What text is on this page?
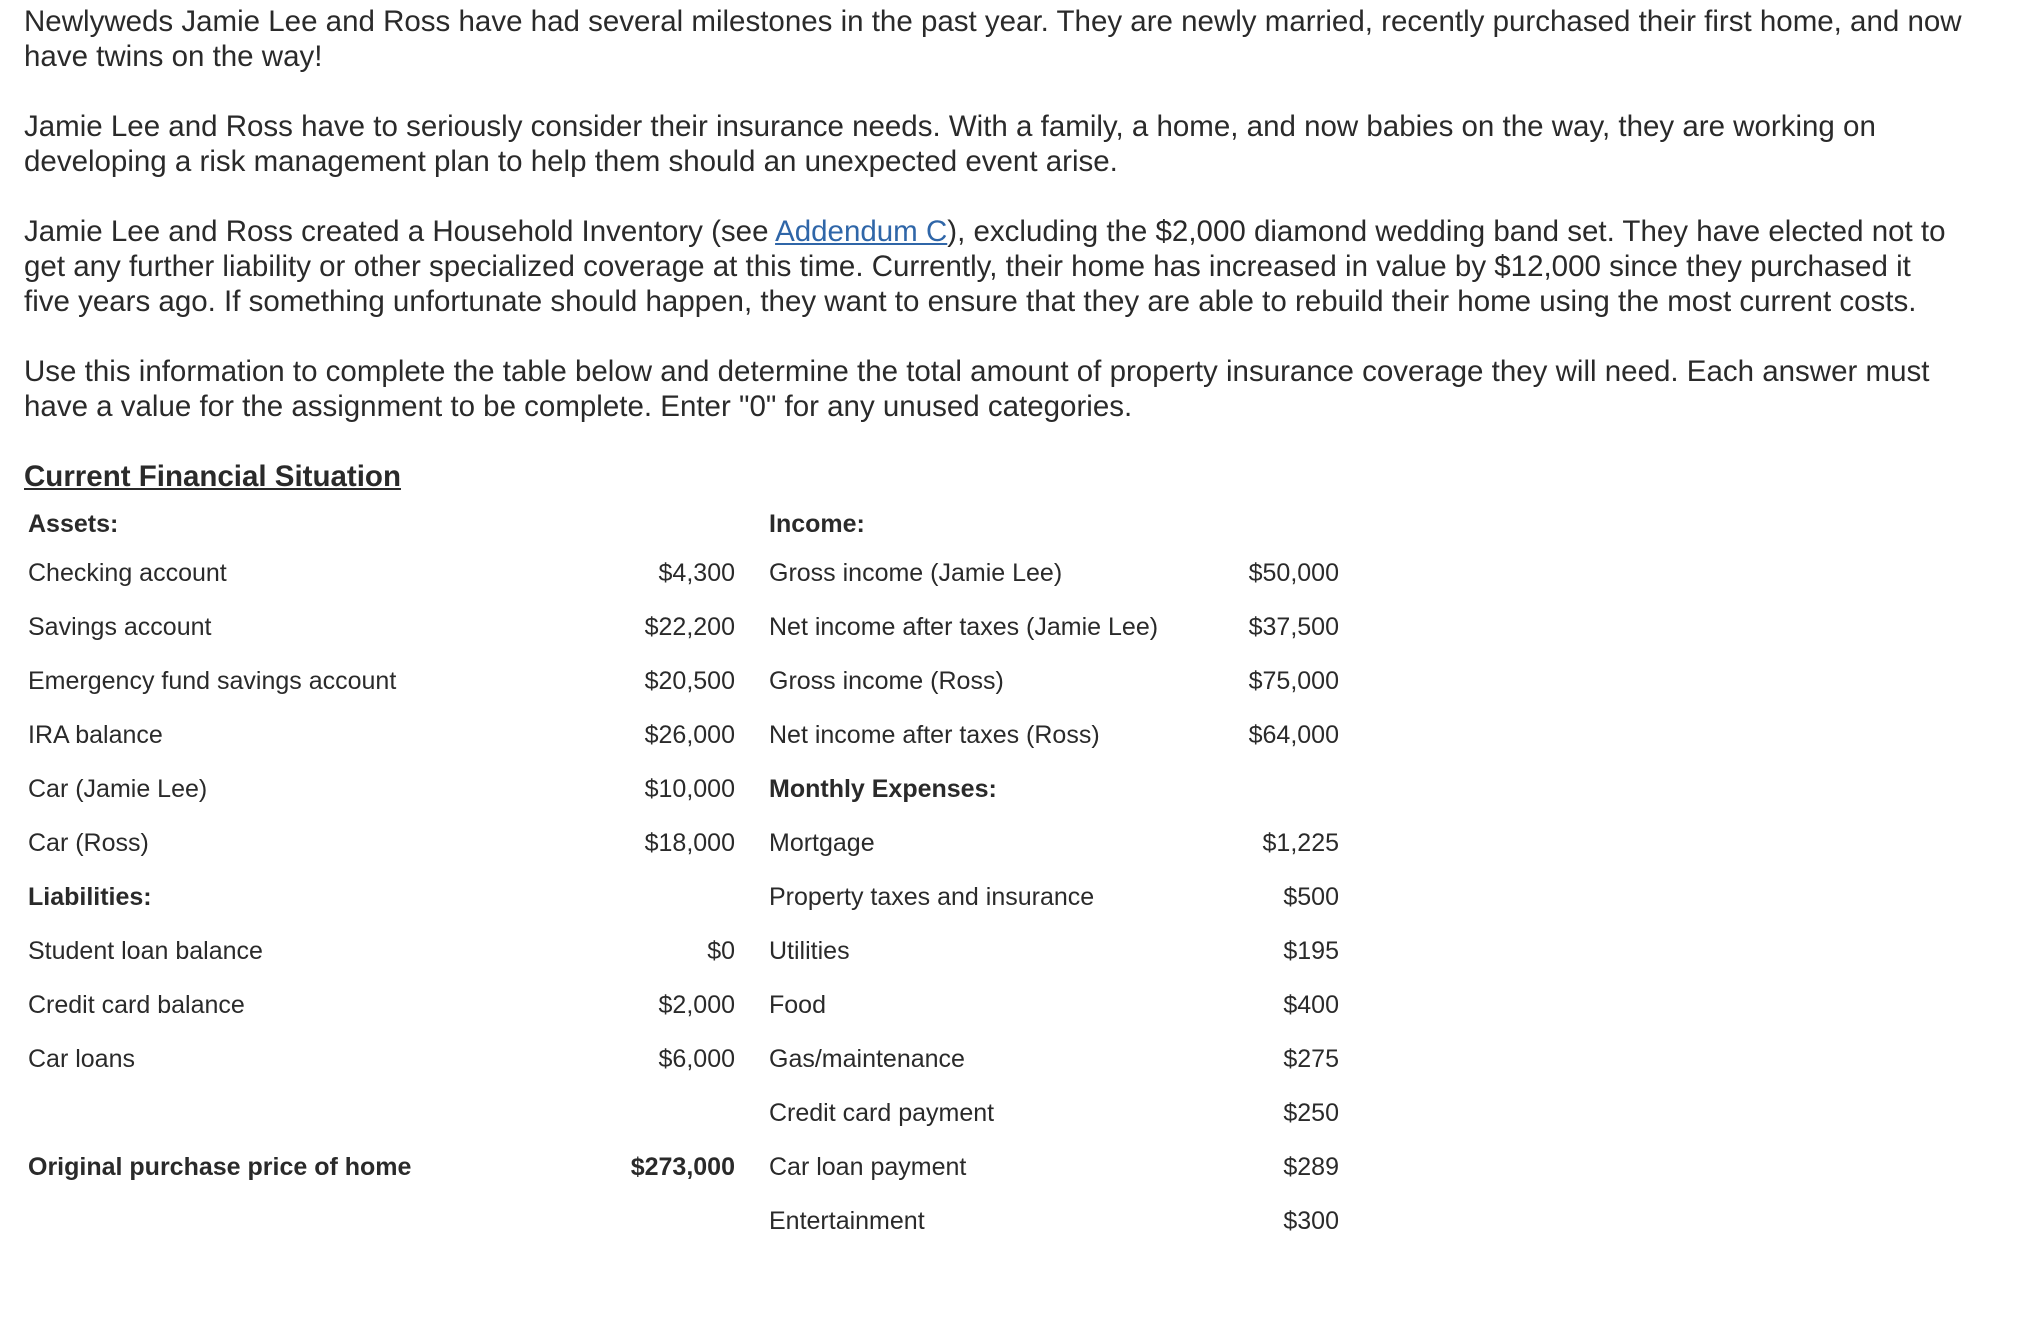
Newlyweds Jamie Lee and Ross have had several milestones in the past year. They are newly married, recently purchased their first home, and now have twins on the way!

Jamie Lee and Ross have to seriously consider their insurance needs. With a family, a home, and now babies on the way, they are working on developing a risk management plan to help them should an unexpected event arise.

Jamie Lee and Ross created a Household Inventory (see Addendum C), excluding the $2,000 diamond wedding band set. They have elected not to get any further liability or other specialized coverage at this time. Currently, their home has increased in value by $12,000 since they purchased it five years ago. If something unfortunate should happen, they want to ensure that they are able to rebuild their home using the most current costs.

Use this information to complete the table below and determine the total amount of property insurance coverage they will need. Each answer must have a value for the assignment to be complete. Enter "0" for any unused categories.

Current Financial Situation
Assets:			Income:	
Checking account	$4,300		Gross income (Jamie Lee)	$50,000
Savings account	$22,200		Net income after taxes (Jamie Lee)	$37,500
Emergency fund savings account	$20,500		Gross income (Ross)	$75,000
IRA balance	$26,000		Net income after taxes (Ross)	$64,000
Car (Jamie Lee)	$10,000		Monthly Expenses:	
Car (Ross)	$18,000		Mortgage	$1,225
Liabilities:			Property taxes and insurance	$500
Student loan balance	$0		Utilities	$195
Credit card balance	$2,000		Food	$400
Car loans	$6,000		Gas/maintenance	$275
			Credit card payment	$250
Original purchase price of home	$273,000		Car loan payment	$289
			Entertainment	$300
